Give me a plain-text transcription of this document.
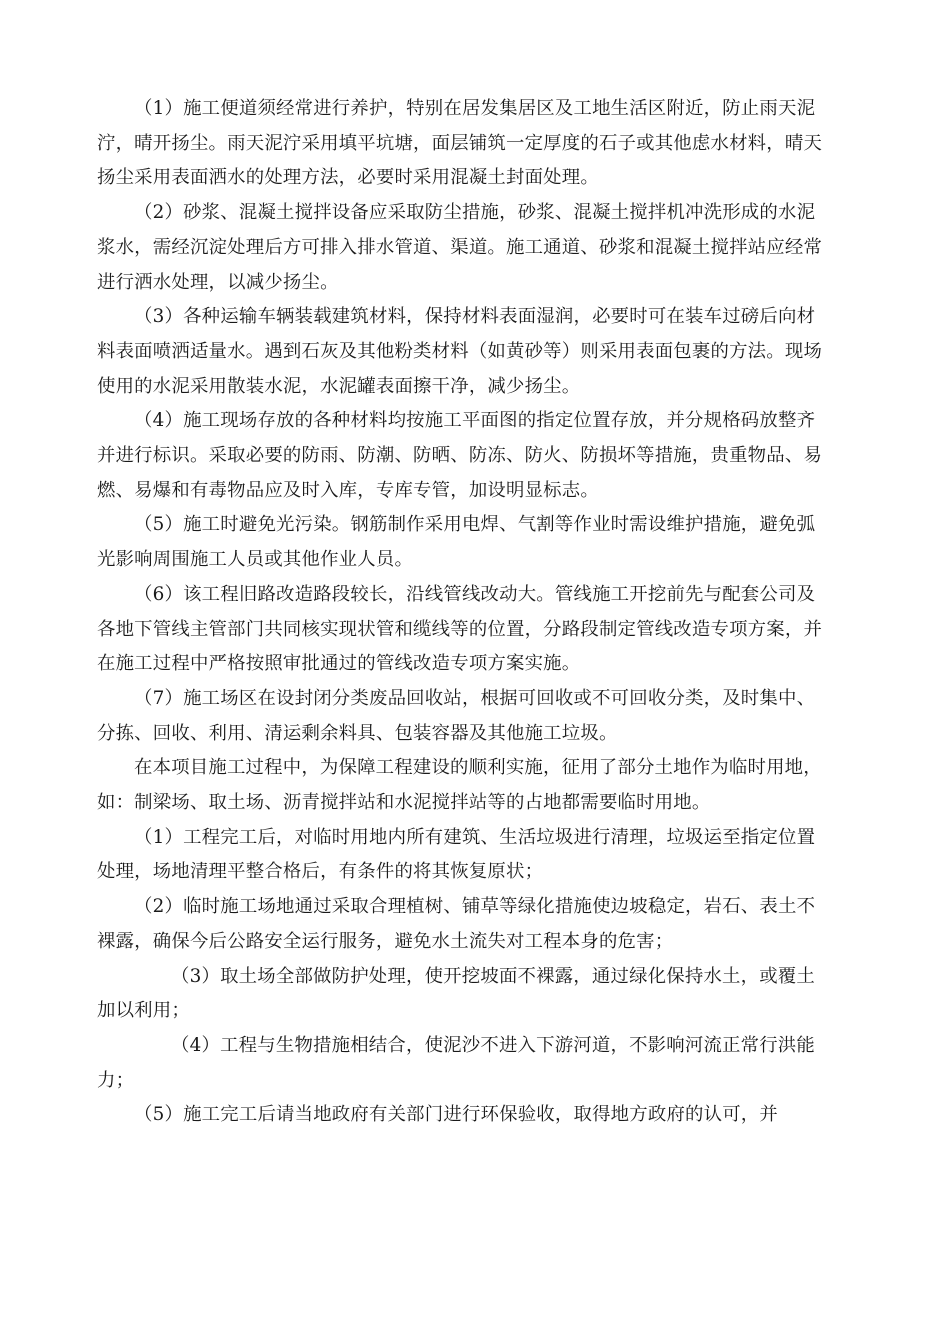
（1）施工便道须经常进行养护，特别在居发集居区及工地生活区附近，防止雨天泥
泞，晴开扬尘。雨天泥泞采用填平坑塘，面层铺筑一定厚度的石子或其他虑水材料，晴天
扬尘采用表面洒水的处理方法，必要时采用混凝土封面处理。
（2）砂浆、混凝土搅拌设备应采取防尘措施，砂浆、混凝土搅拌机冲洗形成的水泥
浆水，需经沉淀处理后方可排入排水管道、渠道。施工通道、砂浆和混凝土搅拌站应经常
进行洒水处理，以减少扬尘。
（3）各种运输车辆装载建筑材料，保持材料表面湿润，必要时可在装车过磅后向材
料表面喷洒适量水。遇到石灰及其他粉类材料（如黄砂等）则采用表面包裹的方法。现场
使用的水泥采用散装水泥，水泥罐表面擦干净，减少扬尘。
（4）施工现场存放的各种材料均按施工平面图的指定位置存放，并分规格码放整齐
并进行标识。采取必要的防雨、防潮、防晒、防冻、防火、防损坏等措施，贵重物品、易
燃、易爆和有毒物品应及时入库，专库专管，加设明显标志。
（5）施工时避免光污染。钢筋制作采用电焊、气割等作业时需设维护措施，避免弧
光影响周围施工人员或其他作业人员。
（6）该工程旧路改造路段较长，沿线管线改动大。管线施工开挖前先与配套公司及
各地下管线主管部门共同核实现状管和缆线等的位置，分路段制定管线改造专项方案，并
在施工过程中严格按照审批通过的管线改造专项方案实施。
（7）施工场区在设封闭分类废品回收站，根据可回收或不可回收分类，及时集中、
分拣、回收、利用、清运剩余料具、包装容器及其他施工垃圾。
在本项目施工过程中，为保障工程建设的顺利实施，征用了部分土地作为临时用地，
如：制梁场、取土场、沥青搅拌站和水泥搅拌站等的占地都需要临时用地。
（1）工程完工后，对临时用地内所有建筑、生活垃圾进行清理，垃圾运至指定位置
处理，场地清理平整合格后，有条件的将其恢复原状；
（2）临时施工场地通过采取合理植树、铺草等绿化措施使边坡稳定，岩石、表土不
裸露，确保今后公路安全运行服务，避免水土流失对工程本身的危害；
（3）取土场全部做防护处理，使开挖坡面不裸露，通过绿化保持水土，或覆土
加以利用；
（4）工程与生物措施相结合，使泥沙不进入下游河道，不影响河流正常行洪能
力；
（5）施工完工后请当地政府有关部门进行环保验收，取得地方政府的认可，并
